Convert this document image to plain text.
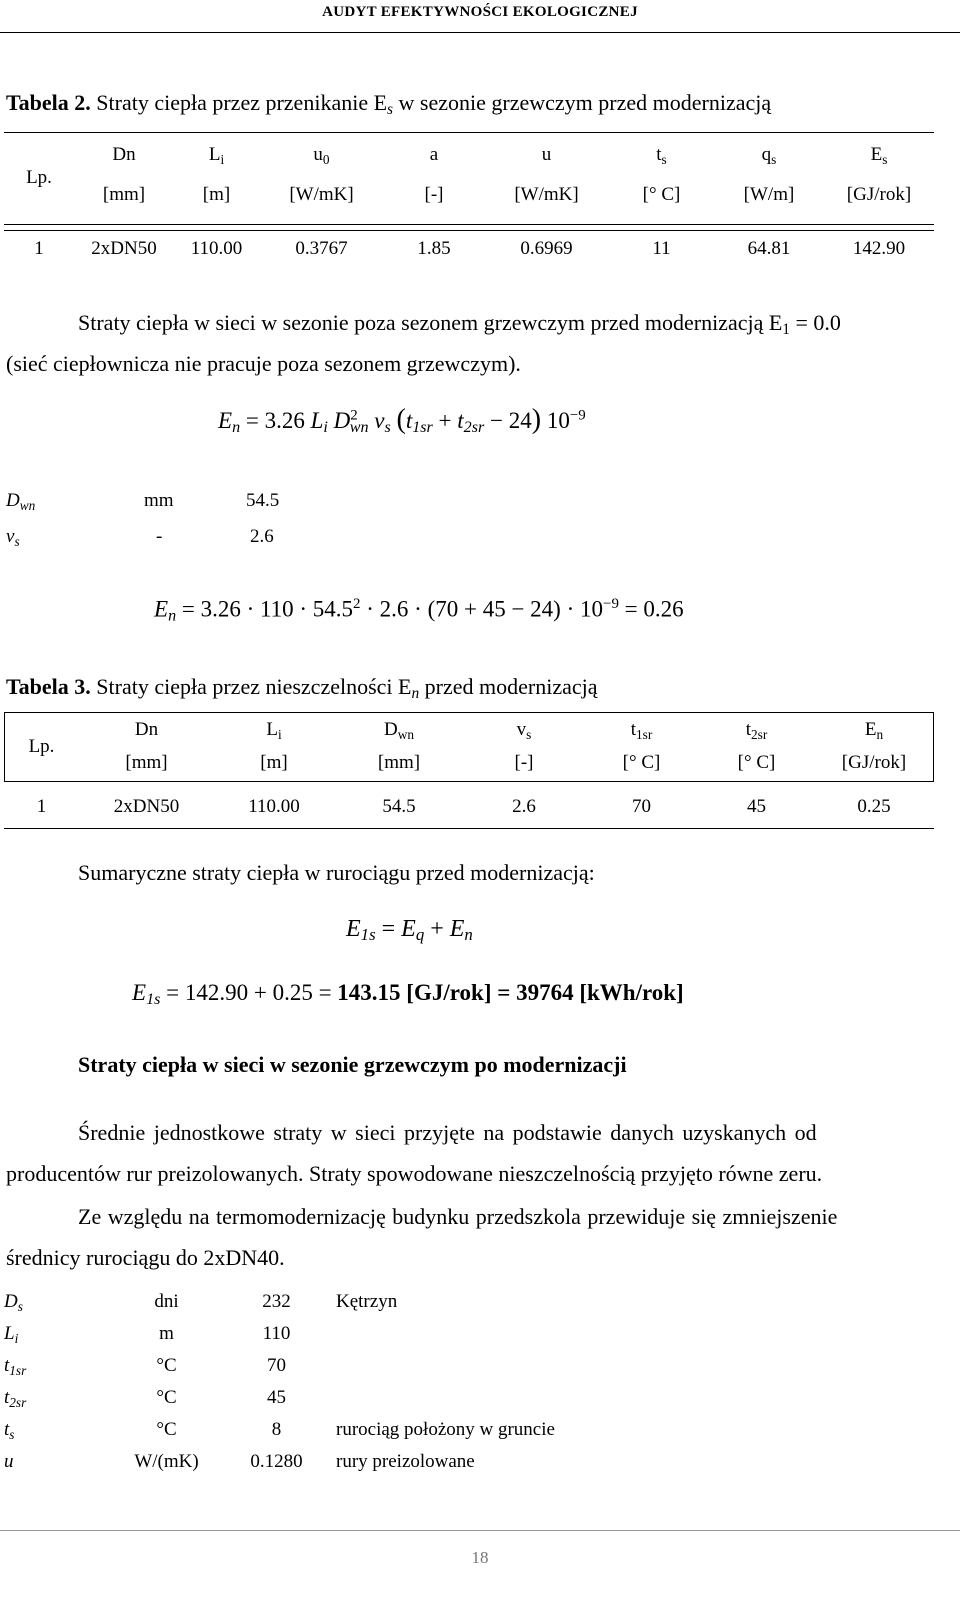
AUDYT EFEKTYWNOŚCI EKOLOGICZNEJ
Tabela 2. Straty ciepła przez przenikanie $E_s$ w sezonie grzewczym przed modernizacją
Lp.	Dn	$L_i$	$u_0$	a	u	$t_s$	$q_s$	$E_s$
	[mm]	[m]	[W/mK]	[-]	[W/mK]	[° C]	[W/m]	[GJ/rok]

1	2xDN50	110.00	0.3767	1.85	0.6969	11	64.81	142.90
Straty ciepła w sieci w sezonie poza sezonem grzewczym przed modernizacją $E_1 = 0.0$
(sieć ciepłownicza nie pracuje poza sezonem grzewczym).
$E_n = 3.26$ $L_i$ $D^2_{wn}$ $v_s$ $(t_{1sr} + t_{2sr} - 24)$ $10^{-9}$
$D_{wn}$	mm	54.5
$v_s$	-	2.6
$E_n = 3.26 \cdot 110 \cdot 54.5^2 \cdot 2.6 \cdot (70 + 45 - 24) \cdot 10^{-9} = 0.26$
Tabela 3. Straty ciepła przez nieszczelności $E_n$ przed modernizacją
Lp.	Dn	$L_i$	$D_{wn}$	$v_s$	$t_{1sr}$	$t_{2sr}$	$E_n$
	[mm]	[m]	[mm]	[-]	[° C]	[° C]	[GJ/rok]

1	2xDN50	110.00	54.5	2.6	70	45	0.25
Sumaryczne straty ciepła w rurociągu przed modernizacją:
$E_{1s} = E_q + E_n$
$E_{1s} = 142.90 + 0.25 = 143.15$ [GJ/rok] = 39764 [kWh/rok]
Straty ciepła w sieci w sezonie grzewczym po modernizacji
Średnie jednostkowe straty w sieci przyjęte na podstawie danych uzyskanych od
producentów rur preizolowanych. Straty spowodowane nieszczelnością przyjęto równe zeru.
Ze względu na termomodernizację budynku przedszkola przewiduje się zmniejszenie
średnicy rurociągu do 2xDN40.
$D_s$	dni	232	Kętrzyn
$L_i$	m	110	
$t_{1sr}$	°C	70	
$t_{2sr}$	°C	45	
$t_s$	°C	8	rurociąg położony w gruncie
u	W/(mK)	0.1280	rury preizolowane
18
